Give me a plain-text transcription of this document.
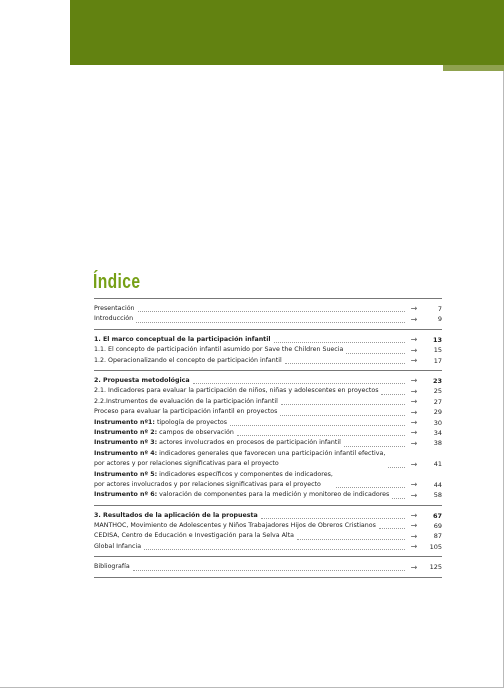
Índice
Presentación	→	7
Introducción	→	9
1. El marco conceptual de la participación infantil	→	13
1.1. El concepto de participación infantil asumido por Save the Children Suecia	→	15
1.2. Operacionalizando el concepto de participación infantil	→	17
2. Propuesta metodológica	→	23
2.1. Indicadores para evaluar la participación de niños, niñas y adolescentes en proyectos	→	25
2.2.Instrumentos de evaluación de la participación infantil	→	27
Proceso para evaluar la participación infantil en proyectos	→	29
Instrumento nº1: tipología de proyectos	→	30
Instrumento nº 2: campos de observación	→	34
Instrumento nº 3: actores involucrados en procesos de participación infantil	→	38
Instrumento nº 4: indicadores generales que favorecen una participación infantil efectiva,
por actores y por relaciones significativas para el proyecto	→	41
Instrumento nº 5: indicadores específicos y componentes de indicadores,
por actores involucrados y por relaciones significativas para el proyecto	→	44
Instrumento nº 6: valoración de componentes para la medición y monitoreo de indicadores	→	58
3. Resultados de la aplicación de la propuesta	→	67
MANTHOC, Movimiento de Adolescentes y Niños Trabajadores Hijos de Obreros Cristianos	→	69
CEDISA, Centro de Educación e Investigación para la Selva Alta	→	87
Global Infancia	→	105
Bibliografía	→	125
